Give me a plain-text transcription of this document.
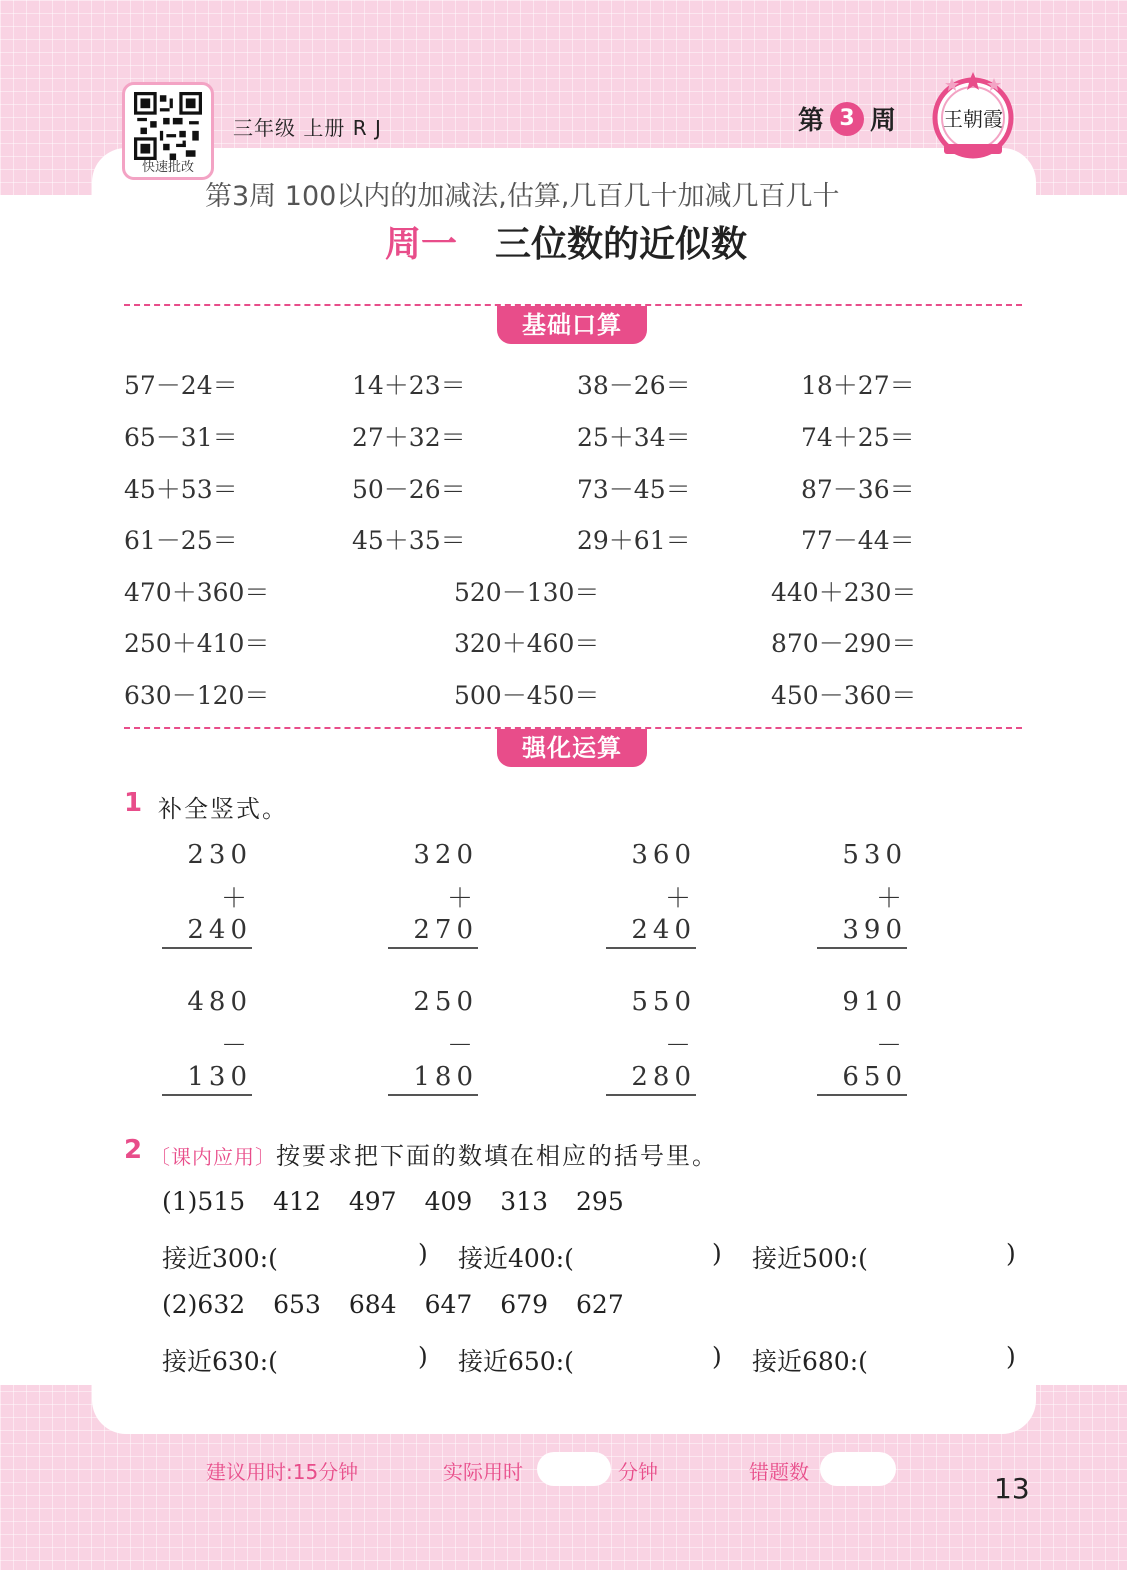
快速批改
三年级 上册 R J	第 3 周 王朝霞
第3周 100以内的加减法,估算,几百几十加减几百几十
周一 三位数的近似数
基础口算
57－24＝	14＋23＝	38－26＝	18＋27＝
65－31＝	27＋32＝	25＋34＝	74＋25＝
45＋53＝	50－26＝	73－45＝	87－36＝
61－25＝	45＋35＝	29＋61＝	77－44＝
470＋360＝	520－130＝	440＋230＝
250＋410＝	320＋460＝	870－290＝
630－120＝	500－450＝	450－360＝
强化运算
1 补全竖式。
230
＋240
320
＋270
360
＋240
530
＋390
480
－130
250
－180
550
－280
910
－650
2 〔课内应用〕按要求把下面的数填在相应的括号里。
(1)515 412 497 409 313 295
接近300:(	) 接近400:(	) 接近500:(	)
(2)632 653 684 647 679 627
接近630:(	) 接近650:(	) 接近680:(	)
建议用时:15分钟	实际用时	分钟	错题数	13
